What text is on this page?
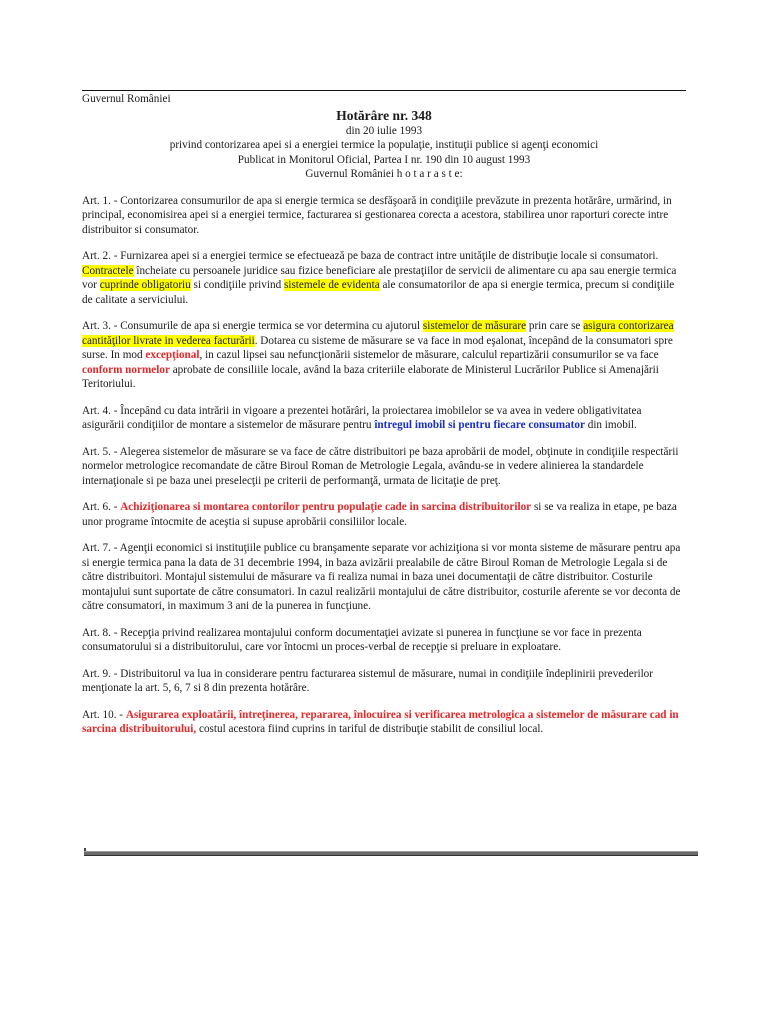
Guvernul României
Hotărâre nr. 348
din 20 iulie 1993
privind contorizarea apei si a energiei termice la populaţie, instituţii publice si agenţi economici
Publicat in Monitorul Oficial, Partea I nr. 190 din 10 august 1993
Guvernul României h o t a r a s t e:

Art. 1. - Contorizarea consumurilor de apa si energie termica se desfăşoară in condiţiile prevăzute in prezenta hotărâre, urmărind, in principal, economisirea apei si a energiei termice, facturarea si gestionarea corecta a acestora, stabilirea unor raporturi corecte intre distribuitor si consumator.

Art. 2. - Furnizarea apei si a energiei termice se efectuează pe baza de contract intre unităţile de distribuţie locale si consumatori. Contractele încheiate cu persoanele juridice sau fizice beneficiare ale prestaţiilor de servicii de alimentare cu apa sau energie termica vor cuprinde obligatoriu si condiţiile privind sistemele de evidenta ale consumatorilor de apa si energie termica, precum si condiţiile de calitate a serviciului.

Art. 3. - Consumurile de apa si energie termica se vor determina cu ajutorul sistemelor de măsurare prin care se asigura contorizarea cantităţilor livrate in vederea facturării. Dotarea cu sisteme de măsurare se va face in mod eşalonat, începând de la consumatori spre surse. In mod excepţional, in cazul lipsei sau nefuncţionării sistemelor de măsurare, calculul repartizării consumurilor se va face conform normelor aprobate de consiliile locale, având la baza criteriile elaborate de Ministerul Lucrărilor Publice si Amenajării Teritoriului.

Art. 4. - Începând cu data intrării in vigoare a prezentei hotărâri, la proiectarea imobilelor se va avea in vedere obligativitatea asigurării condiţiilor de montare a sistemelor de măsurare pentru întregul imobil si pentru fiecare consumator din imobil.

Art. 5. - Alegerea sistemelor de măsurare se va face de către distribuitori pe baza aprobării de model, obţinute in condiţiile respectării normelor metrologice recomandate de către Biroul Roman de Metrologie Legala, avându-se in vedere alinierea la standardele internaţionale si pe baza unei preselecţii pe criterii de performanţă, urmata de licitaţie de preţ.

Art. 6. - Achiziţionarea si montarea contorilor pentru populaţie cade in sarcina distribuitorilor si se va realiza in etape, pe baza unor programe întocmite de aceştia si supuse aprobării consiliilor locale.

Art. 7. - Agenţii economici si instituţiile publice cu branşamente separate vor achiziţiona si vor monta sisteme de măsurare pentru apa si energie termica pana la data de 31 decembrie 1994, in baza avizării prealabile de către Biroul Roman de Metrologie Legala si de către distribuitori. Montajul sistemului de măsurare va fi realiza numai in baza unei documentaţii de către distribuitor. Costurile montajului sunt suportate de către consumatori. In cazul realizării montajului de către distribuitor, costurile aferente se vor deconta de către consumatori, in maximum 3 ani de la punerea in funcţiune.

Art. 8. - Recepţia privind realizarea montajului conform documentaţiei avizate si punerea in funcţiune se vor face in prezenta consumatorului si a distribuitorului, care vor întocmi un proces-verbal de recepţie si preluare in exploatare.

Art. 9. - Distribuitorul va lua in considerare pentru facturarea sistemul de măsurare, numai in condiţiile îndeplinirii prevederilor menţionate la art. 5, 6, 7 si 8 din prezenta hotărâre.

Art. 10. - Asigurarea exploatării, întreţinerea, repararea, înlocuirea si verificarea metrologica a sistemelor de măsurare cad in sarcina distribuitorului, costul acestora fiind cuprins in tariful de distribuţie stabilit de consiliul local.
